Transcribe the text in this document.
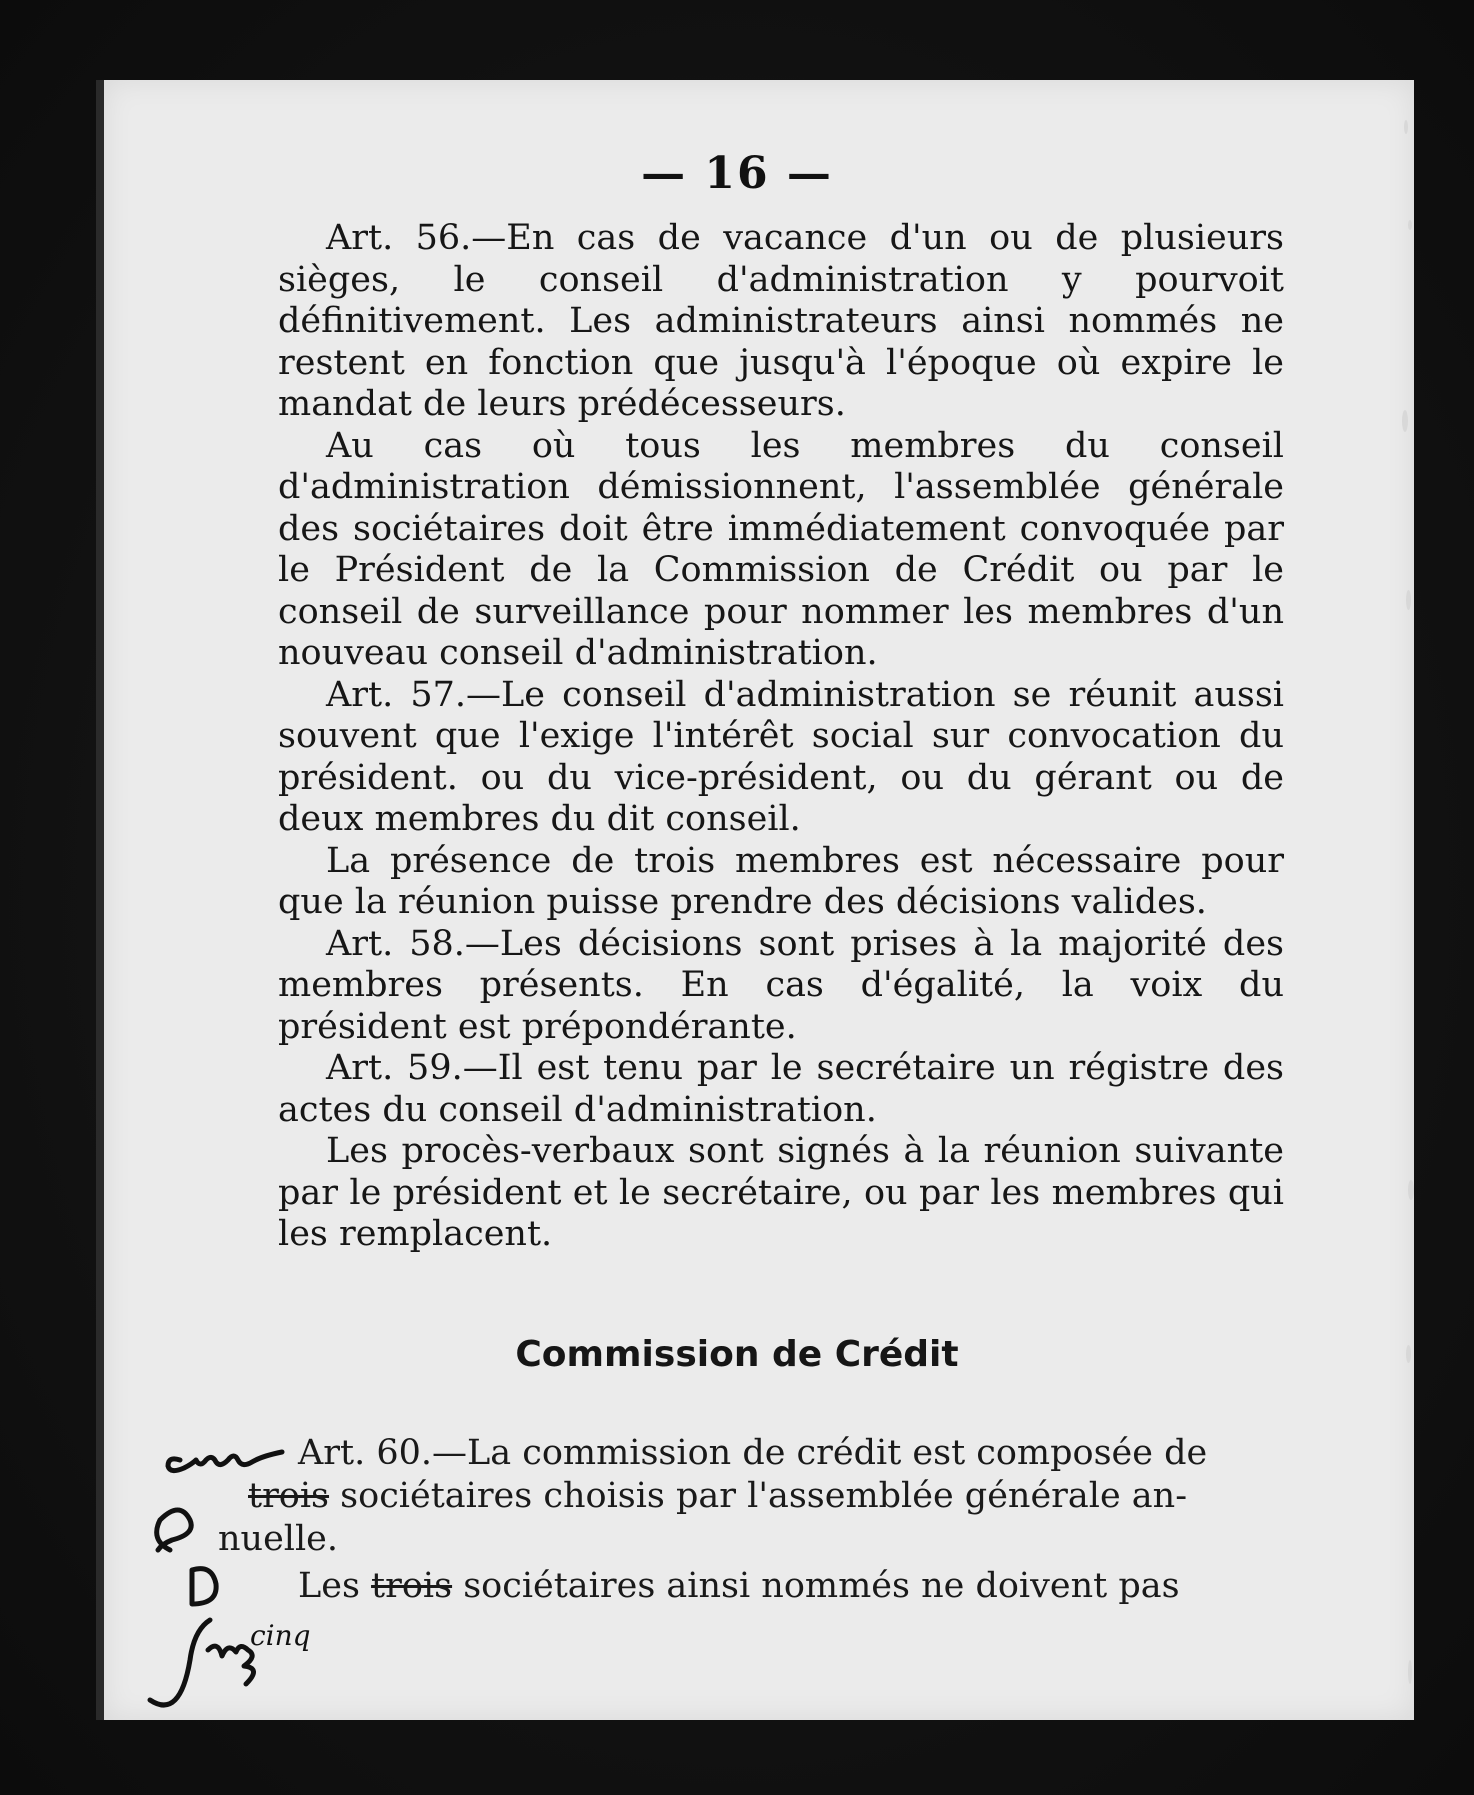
— 16 —

Art. 56.—En cas de vacance d'un ou de plusieurs sièges, le conseil d'administration y pourvoit définitivement. Les administrateurs ainsi nommés ne restent en fonction que jusqu'à l'époque où expire le mandat de leurs prédécesseurs.

Au cas où tous les membres du conseil d'administration démissionnent, l'assemblée générale des sociétaires doit être immédiatement convoquée par le Président de la Commission de Crédit ou par le conseil de surveillance pour nommer les membres d'un nouveau conseil d'administration.

Art. 57.—Le conseil d'administration se réunit aussi souvent que l'exige l'intérêt social sur convocation du président. ou du vice-président, ou du gérant ou de deux membres du dit conseil.

La présence de trois membres est nécessaire pour que la réunion puisse prendre des décisions valides.

Art. 58.—Les décisions sont prises à la majorité des membres présents. En cas d'égalité, la voix du président est prépondérante.

Art. 59.—Il est tenu par le secrétaire un régistre des actes du conseil d'administration.

Les procès-verbaux sont signés à la réunion suivante par le président et le secrétaire, ou par les membres qui les remplacent.

Commission de Crédit
Art. 60.—La commission de crédit est composée de
trois sociétaires choisis par l'assemblée générale an-
nuelle.
Les trois sociétaires ainsi nommés ne doivent pas
cinq
cinq
